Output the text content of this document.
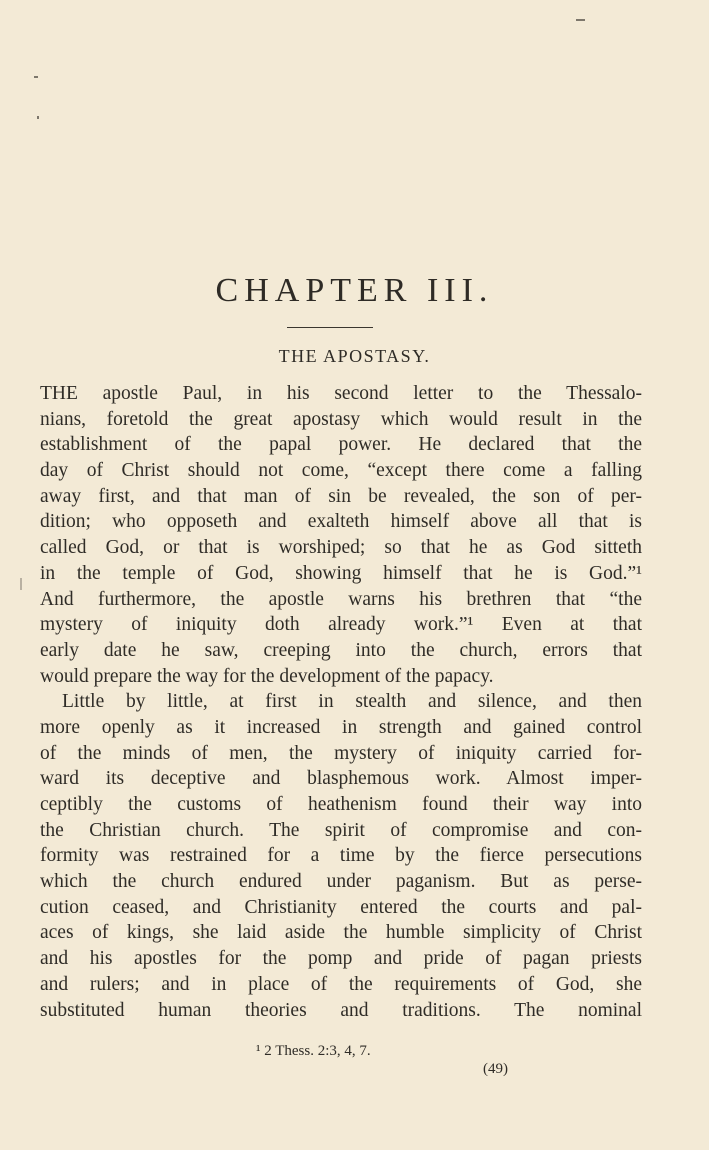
CHAPTER III.
THE APOSTASY.
THE apostle Paul, in his second letter to the Thessalo-
nians, foretold the great apostasy which would result in the
establishment of the papal power. He declared that the
day of Christ should not come, “except there come a falling
away first, and that man of sin be revealed, the son of per-
dition; who opposeth and exalteth himself above all that is
called God, or that is worshiped; so that he as God sitteth
in the temple of God, showing himself that he is God.”¹
And furthermore, the apostle warns his brethren that “the
mystery of iniquity doth already work.”¹ Even at that
early date he saw, creeping into the church, errors that
would prepare the way for the development of the papacy.
Little by little, at first in stealth and silence, and then
more openly as it increased in strength and gained control
of the minds of men, the mystery of iniquity carried for-
ward its deceptive and blasphemous work. Almost imper-
ceptibly the customs of heathenism found their way into
the Christian church. The spirit of compromise and con-
formity was restrained for a time by the fierce persecutions
which the church endured under paganism. But as perse-
cution ceased, and Christianity entered the courts and pal-
aces of kings, she laid aside the humble simplicity of Christ
and his apostles for the pomp and pride of pagan priests
and rulers; and in place of the requirements of God, she
substituted human theories and traditions. The nominal
¹ 2 Thess. 2:3, 4, 7.
(49)
